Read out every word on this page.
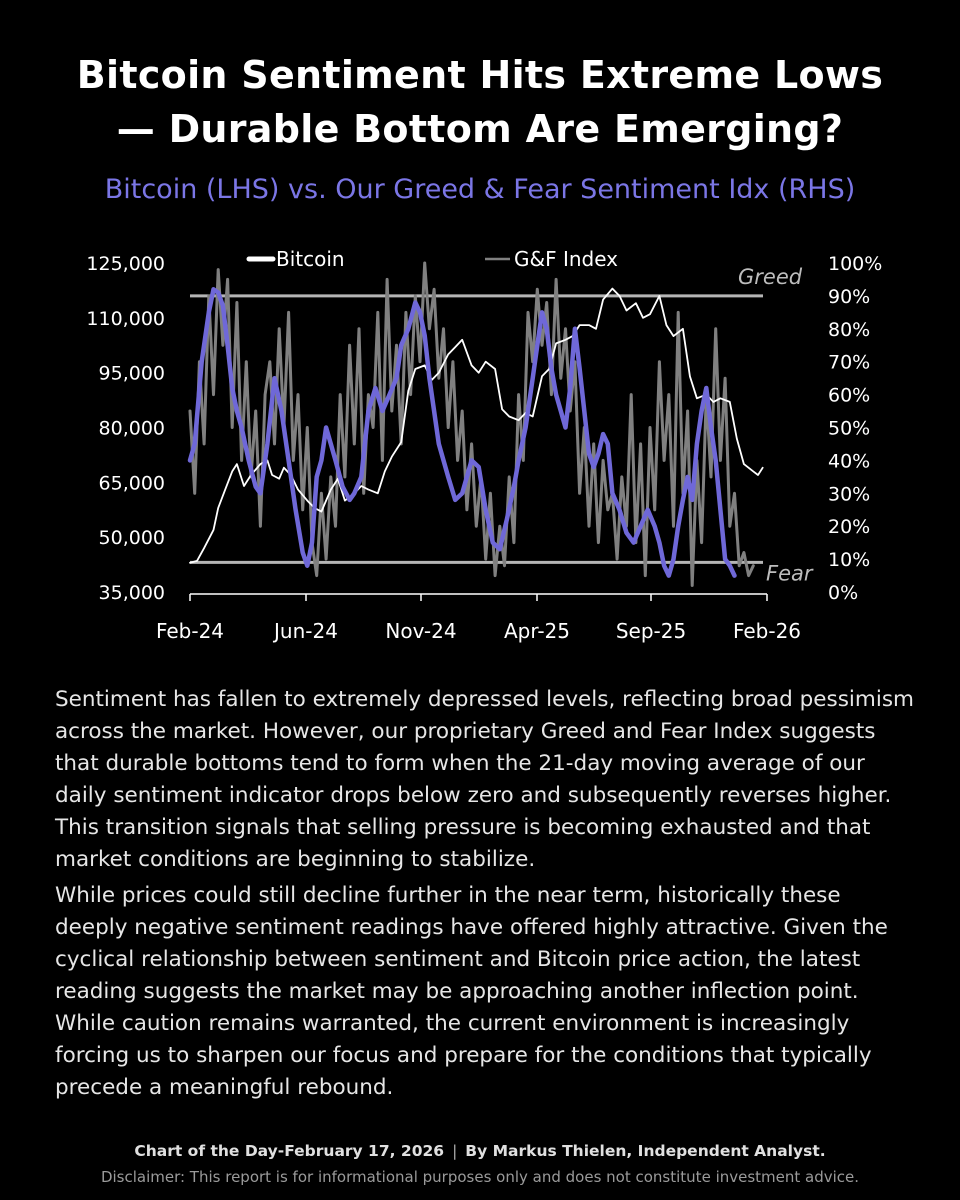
Bitcoin Sentiment Hits Extreme Lows
— Durable Bottom Are Emerging?
Bitcoin (LHS) vs. Our Greed & Fear Sentiment Idx (RHS)
Greed
Fear
125,000
110,000
95,000
80,000
65,000
50,000
35,000
100%
90%
80%
70%
60%
50%
40%
30%
20%
10%
0%
Feb-24	Jun-24 Nov-24 Apr-25 Sep-25 Feb-26
Bitcoin	G&F Index
Sentiment has fallen to extremely depressed levels, reflecting broad pessimism across the market. However, our proprietary Greed and Fear Index suggests that durable bottoms tend to form when the 21-day moving average of our daily sentiment indicator drops below zero and subsequently reverses higher. This transition signals that selling pressure is becoming exhausted and that market conditions are beginning to stabilize.
While prices could still decline further in the near term, historically these deeply negative sentiment readings have offered highly attractive. Given the cyclical relationship between sentiment and Bitcoin price action, the latest reading suggests the market may be approaching another inflection point. While caution remains warranted, the current environment is increasingly forcing us to sharpen our focus and prepare for the conditions that typically precede a meaningful rebound.
Chart of the Day-February 17, 2026 | By Markus Thielen, Independent Analyst.
Disclaimer: This report is for informational purposes only and does not constitute investment advice.
